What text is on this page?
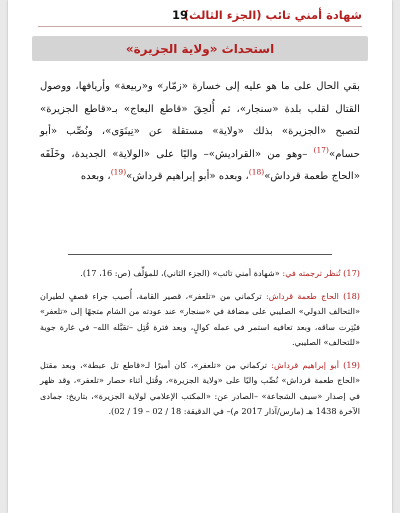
شهادة أمني تائب (الجزء الثالث)
19
استحداث «ولاية الجزيرة»

بقي الحال على ما هو عليه إلى خسارة «زمّار» و«ربيعة» وأريافها، ووصول القتال لقلب بلدة «سنجار»، ثم أُلحِقَ «قاطع البعاج» بـ«قاطع الجزيرة» لتصبح «الجزيرة» بذلك «ولاية» مستقلة عن «نِينَوَى»، ونُصِّب «أبو حسام»$^{(17)}$ –وهو من «القراديش»– واليًا على «الولاية» الجديدة، وخَلَفَه «الحاج طعمة قرداش»$^{(18)}$، وبعده «أبو إبراهيم قرداش»$^{(19)}$، وبعده

(17) تُنظر ترجمته في: «شهادة أمني تائب» (الجزء الثاني)، للمؤلِّف (ص: 16، 17).

(18) الحاج طعمة قرداش: تركماني من «تلعفر»، قصير القامة، أُصيب جراء قصفٍ لطيران «التحالف الدولي» الصليبي على مضافة في «سنجار» عند عودته من الشام متجهًا إلى «تلعفر» فبُتِرت ساقه، وبعد تعافيه استمر في عمله كوالٍ، وبعد فترة قُتِل –تقبَّله الله– في غارة جوية «للتحالف» الصليبي.

(19) أبو إبراهيم قرداش: تركماني من «تلعفر»، كان أميرًا لـ«قاطع تل عبطة»، وبعد مقتل «الحاج طعمة قرداش» نُصِّب واليًا على «ولاية الجزيرة»، وقُتل أثناء حصار «تلعفر»، وقد ظهر في إصدار «سيف الشجاعة» –الصادر عن: «المكتب الإعلامي لولاية الجزيرة»، بتاريخ: جمادى الآخرة 1438 هـ (مارس/آذار 2017 م)– في الدقيقة: 18 / 02 – 19 / 02).
